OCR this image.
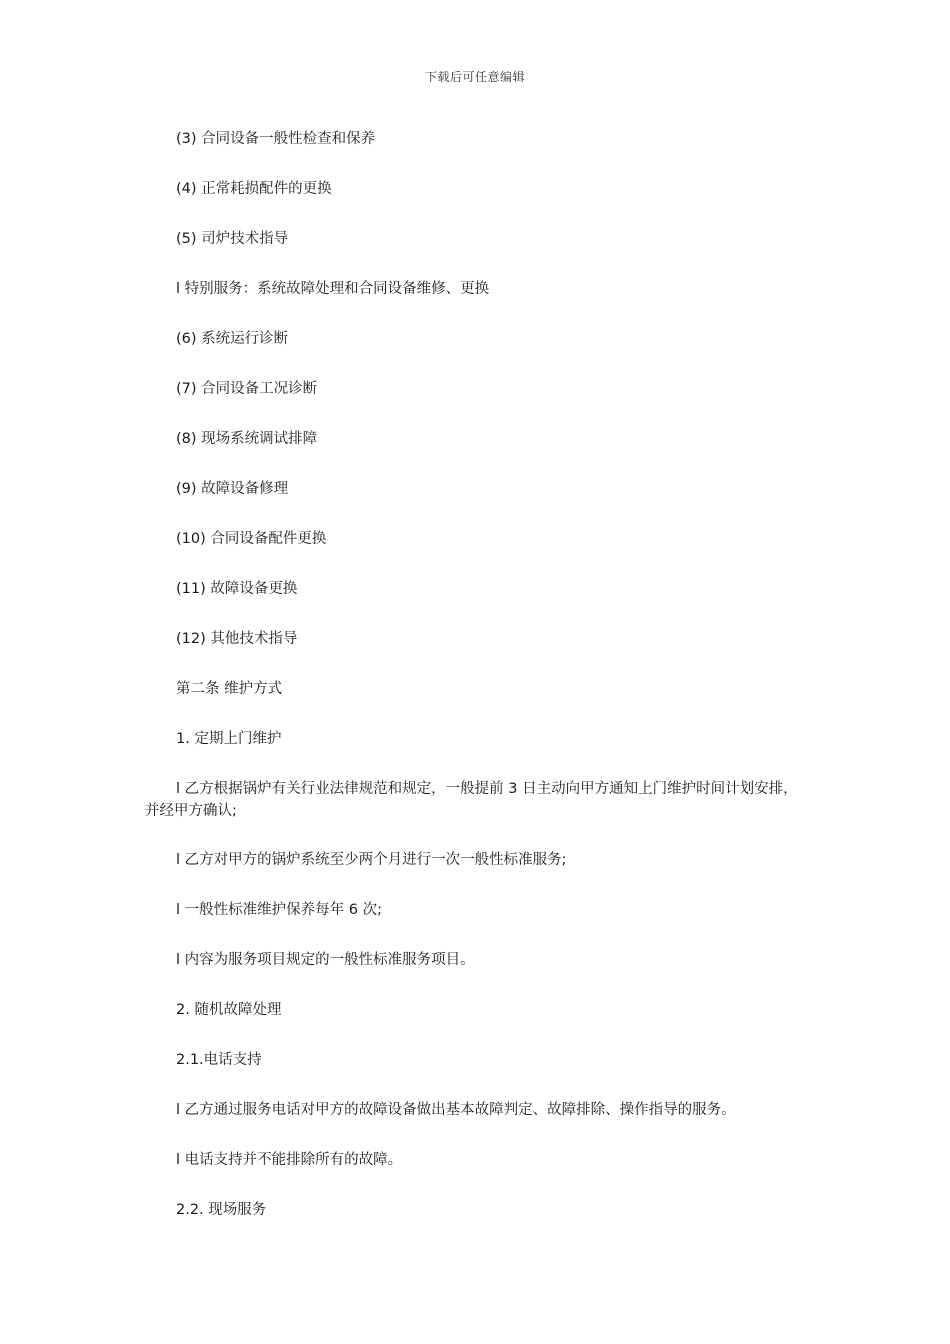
下载后可任意编辑

(3) 合同设备一般性检查和保养

(4) 正常耗损配件的更换

(5) 司炉技术指导

l 特别服务：系统故障处理和合同设备维修、更换

(6) 系统运行诊断

(7) 合同设备工况诊断

(8) 现场系统调试排障

(9) 故障设备修理

(10) 合同设备配件更换

(11) 故障设备更换

(12) 其他技术指导

第二条 维护方式

1. 定期上门维护

l 乙方根据锅炉有关行业法律规范和规定，一般提前 3 日主动向甲方通知上门维护时间计划安排，并经甲方确认;

l 乙方对甲方的锅炉系统至少两个月进行一次一般性标准服务;

l 一般性标准维护保养每年 6 次;

l 内容为服务项目规定的一般性标准服务项目。

2. 随机故障处理

2.1.电话支持

l 乙方通过服务电话对甲方的故障设备做出基本故障判定、故障排除、操作指导的服务。

l 电话支持并不能排除所有的故障。

2.2. 现场服务
